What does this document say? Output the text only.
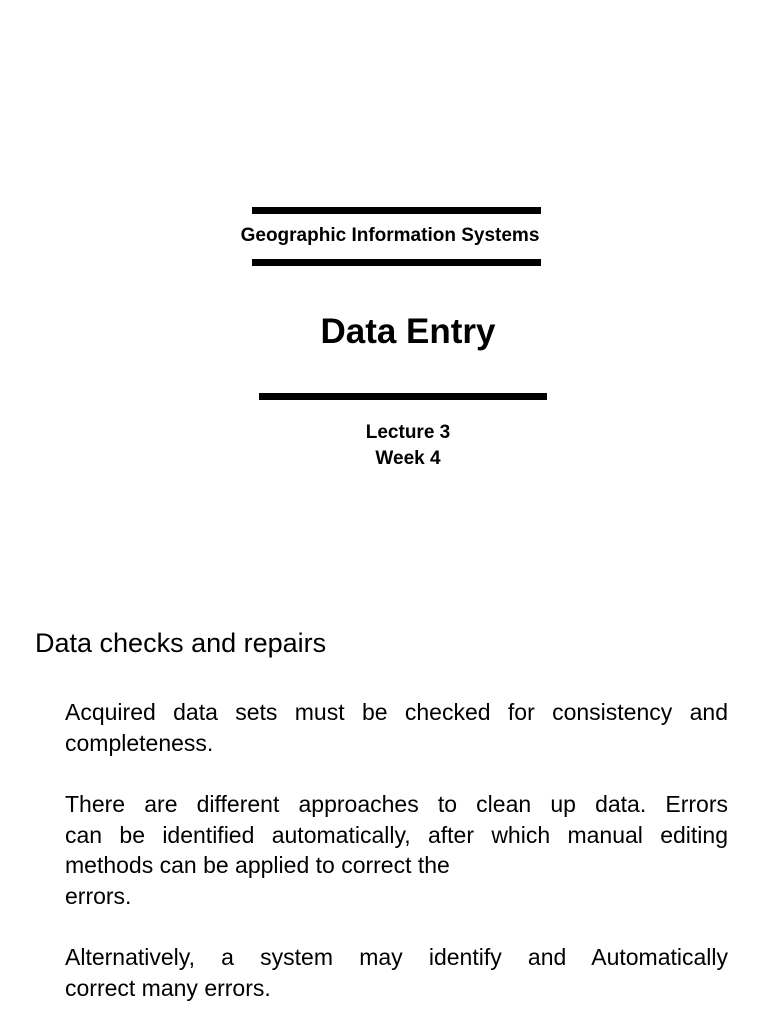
Geographic Information Systems
Data Entry
Lecture 3
Week 4
Data checks and repairs
Acquired data sets must be checked for consistency and
completeness.
There are different approaches to clean up data. Errors
can be identified automatically, after which manual editing
methods can be applied to correct the
errors.
Alternatively, a system may identify and Automatically
correct many errors.
